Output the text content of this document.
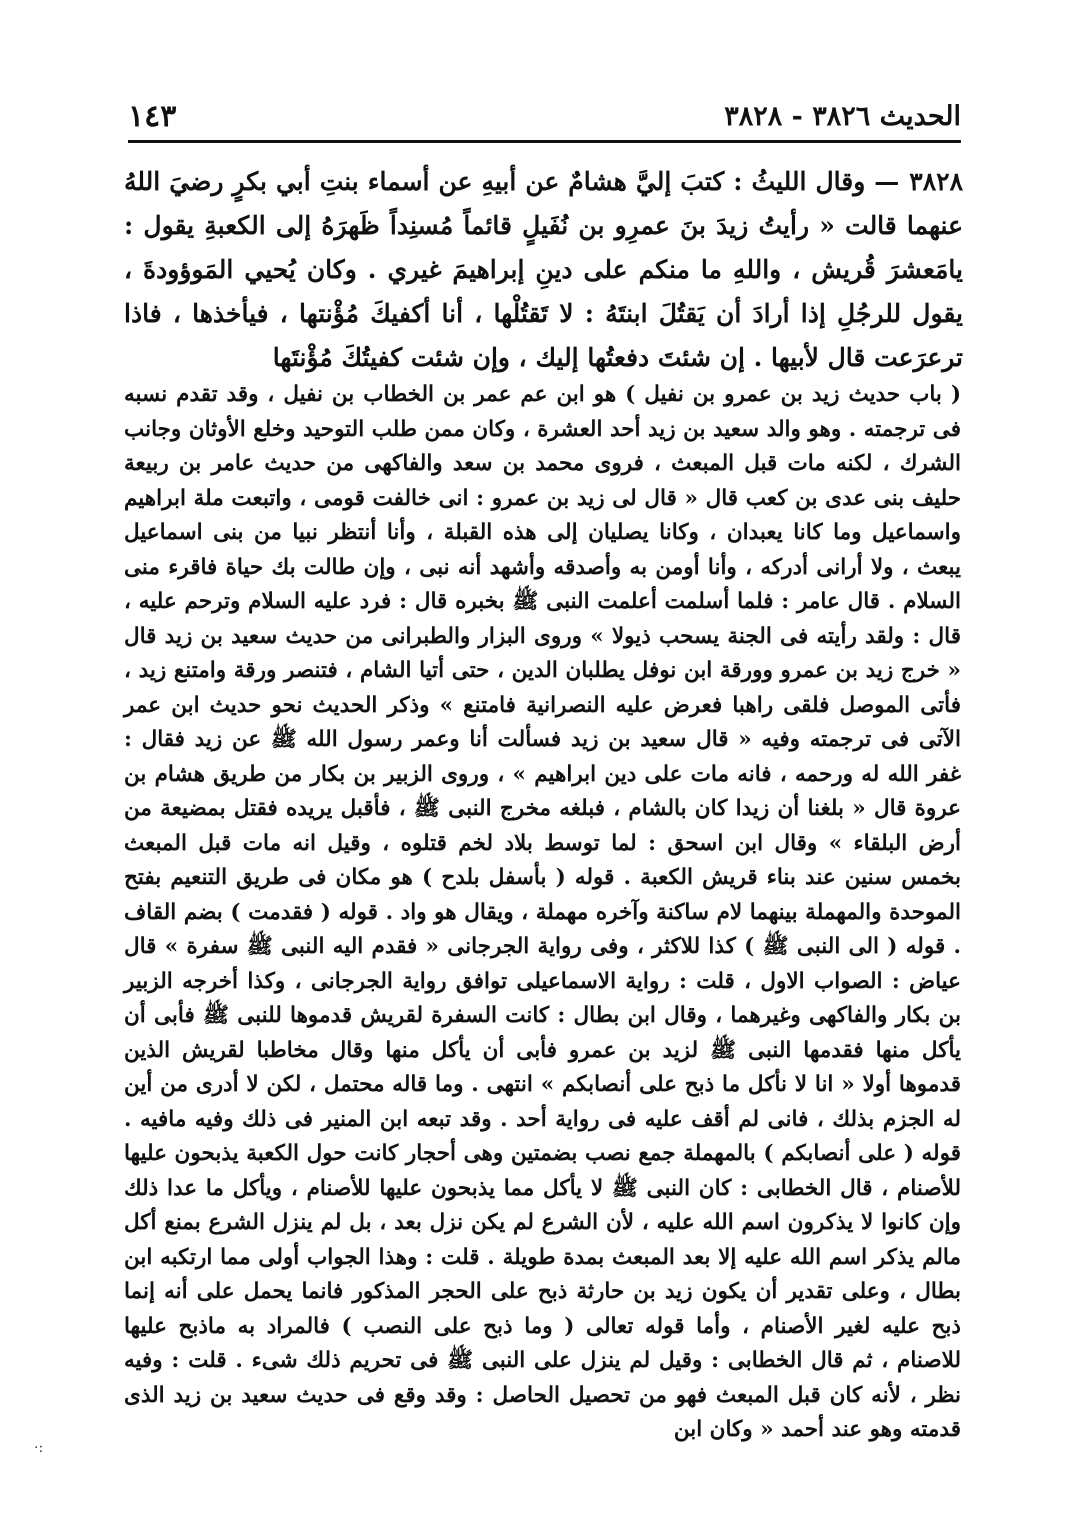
الحديث ٣٨٢٦ - ٣٨٢٨
١٤٣
٣٨٢٨— وقال الليثُ : كتبَ إليَّ هشامٌ عن أبيهِ عن أسماء بنتِ أبي بكرٍ رضيَ اللهُ عنهما قالت « رأيتُ زيدَ بنَ عمرِو بن نُفَيلٍ قائماً مُسنِداً ظَهرَهُ إلى الكعبةِ يقول : يامَعشرَ قُريش ، واللهِ ما منكم على دينِ إبراهيمَ غيري . وكان يُحيي المَوؤودةَ ، يقول للرجُلِ إذا أرادَ أن يَقتُلَ ابنتَهُ : لا تَقتُلْها ، أنا أكفيكَ مُؤْنتها ، فيأخذها ، فاذا ترعرَعت قال لأبيها . إن شئتَ دفعتُها إليك ، وإن شئت كفيتُكَ مُؤْنتَها
( باب حديث زيد بن عمرو بن نفيل ) هو ابن عم عمر بن الخطاب بن نفيل ، وقد تقدم نسبه فى ترجمته . وهو والد سعيد بن زيد أحد العشرة ، وكان ممن طلب التوحيد وخلع الأوثان وجانب الشرك ، لكنه مات قبل المبعث ، فروى محمد بن سعد والفاكهى من حديث عامر بن ربيعة حليف بنى عدى بن كعب قال « قال لى زيد بن عمرو : انى خالفت قومى ، واتبعت ملة ابراهيم واسماعيل وما كانا يعبدان ، وكانا يصليان إلى هذه القبلة ، وأنا أنتظر نبيا من بنى اسماعيل يبعث ، ولا أرانى أدركه ، وأنا أومن به وأصدقه وأشهد أنه نبى ، وإن طالت بك حياة فاقرء منى السلام . قال عامر : فلما أسلمت أعلمت النبى ﷺ بخبره قال : فرد عليه السلام وترحم عليه ، قال : ولقد رأيته فى الجنة يسحب ذيولا » وروى البزار والطبرانى من حديث سعيد بن زيد قال « خرج زيد بن عمرو وورقة ابن نوفل يطلبان الدين ، حتى أتيا الشام ، فتنصر ورقة وامتنع زيد ، فأتى الموصل فلقى راهبا فعرض عليه النصرانية فامتنع » وذكر الحديث نحو حديث ابن عمر الآتى فى ترجمته وفيه « قال سعيد بن زيد فسألت أنا وعمر رسول الله ﷺ عن زيد فقال : غفر الله له ورحمه ، فانه مات على دين ابراهيم » ، وروى الزبير بن بكار من طريق هشام بن عروة قال « بلغنا أن زيدا كان بالشام ، فبلغه مخرج النبى ﷺ ، فأقبل يريده فقتل بمضيعة من أرض البلقاء » وقال ابن اسحق : لما توسط بلاد لخم قتلوه ، وقيل انه مات قبل المبعث بخمس سنين عند بناء قريش الكعبة . قوله ( بأسفل بلدح ) هو مكان فى طريق التنعيم بفتح الموحدة والمهملة بينهما لام ساكنة وآخره مهملة ، ويقال هو واد . قوله ( فقدمت ) بضم القاف . قوله ( الى النبى ﷺ ) كذا للاكثر ، وفى رواية الجرجانى « فقدم اليه النبى ﷺ سفرة » قال عياض : الصواب الاول ، قلت : رواية الاسماعيلى توافق رواية الجرجانى ، وكذا أخرجه الزبير بن بكار والفاكهى وغيرهما ، وقال ابن بطال : كانت السفرة لقريش قدموها للنبى ﷺ فأبى أن يأكل منها فقدمها النبى ﷺ لزيد بن عمرو فأبى أن يأكل منها وقال مخاطبا لقريش الذين قدموها أولا « انا لا نأكل ما ذبح على أنصابكم » انتهى . وما قاله محتمل ، لكن لا أدرى من أين له الجزم بذلك ، فانى لم أقف عليه فى رواية أحد . وقد تبعه ابن المنير فى ذلك وفيه مافيه . قوله ( على أنصابكم ) بالمهملة جمع نصب بضمتين وهى أحجار كانت حول الكعبة يذبحون عليها للأصنام ، قال الخطابى : كان النبى ﷺ لا يأكل مما يذبحون عليها للأصنام ، ويأكل ما عدا ذلك وإن كانوا لا يذكرون اسم الله عليه ، لأن الشرع لم يكن نزل بعد ، بل لم ينزل الشرع بمنع أكل مالم يذكر اسم الله عليه إلا بعد المبعث بمدة طويلة . قلت : وهذا الجواب أولى مما ارتكبه ابن بطال ، وعلى تقدير أن يكون زيد بن حارثة ذبح على الحجر المذكور فانما يحمل على أنه إنما ذبح عليه لغير الأصنام ، وأما قوله تعالى ( وما ذبح على النصب ) فالمراد به ماذبح عليها للاصنام ، ثم قال الخطابى : وقيل لم ينزل على النبى ﷺ فى تحريم ذلك شىء . قلت : وفيه نظر ، لأنه كان قبل المبعث فهو من تحصيل الحاصل : وقد وقع فى حديث سعيد بن زيد الذى قدمته وهو عند أحمد « وكان ابن
·:
